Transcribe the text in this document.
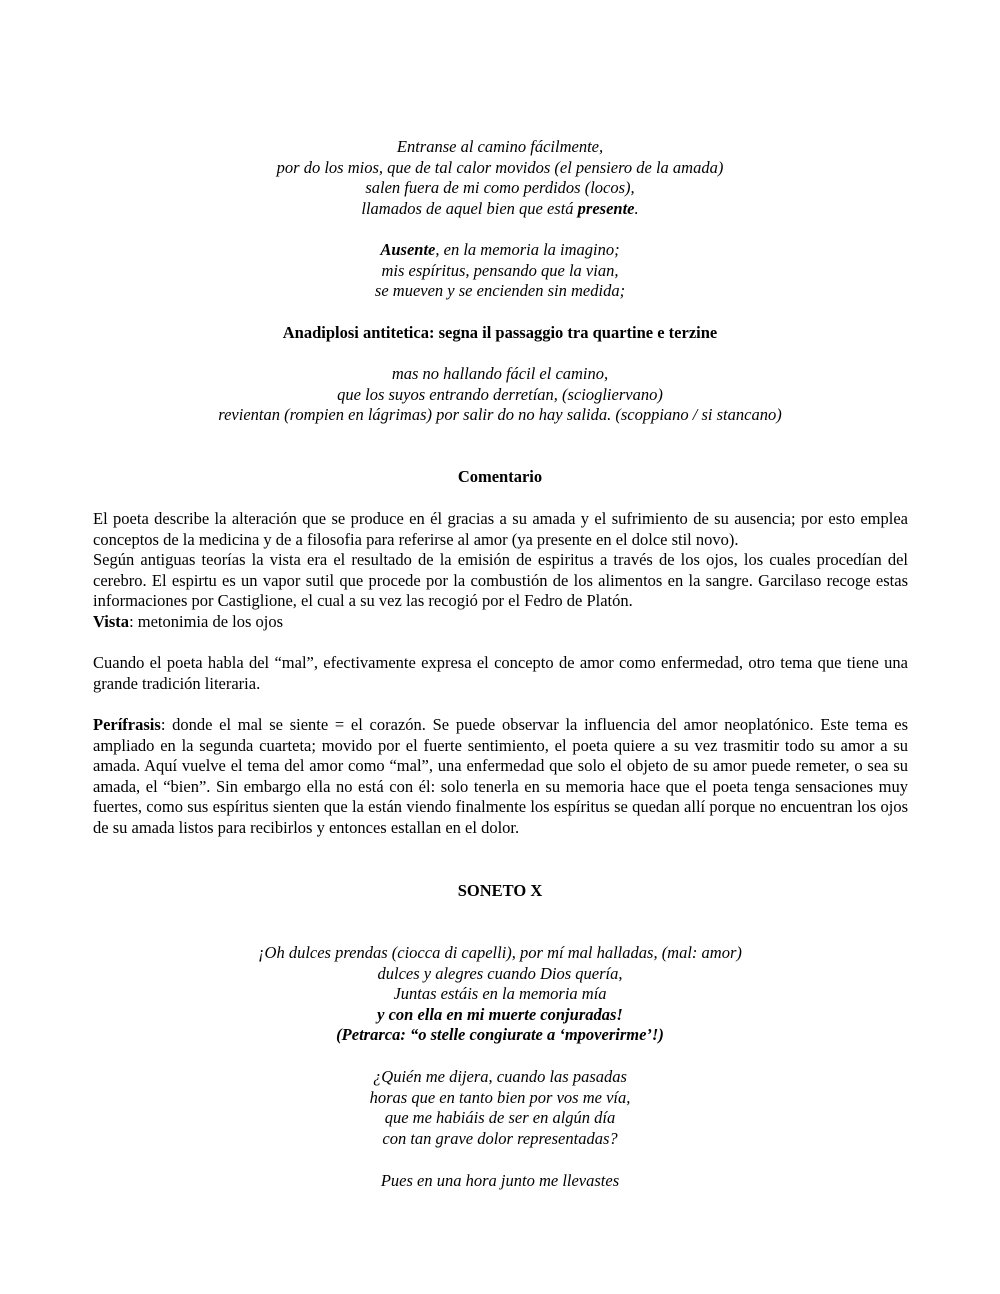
Entranse al camino fácilmente,
por do los mios, que de tal calor movidos (el pensiero de la amada)
salen fuera de mi como perdidos (locos),
llamados de aquel bien que está presente.
Ausente, en la memoria la imagino;
mis espíritus, pensando que la vian,
se mueven y se encienden sin medida;
Anadiplosi antitetica: segna il passaggio tra quartine e terzine
mas no hallando fácil el camino,
que los suyos entrando derretían, (sciogliervano)
revientan (rompien en lágrimas) por salir do no hay salida. (scoppiano / si stancano)
Comentario

El poeta describe la alteración que se produce en él gracias a su amada y el sufrimiento de su ausencia; por esto emplea conceptos de la medicina y de a filosofia para referirse al amor (ya presente en el dolce stil novo).

Según antiguas teorías la vista era el resultado de la emisión de espiritus a través de los ojos, los cuales procedían del cerebro. El espirtu es un vapor sutil que procede por la combustión de los alimentos en la sangre. Garcilaso recoge estas informaciones por Castiglione, el cual a su vez las recogió por el Fedro de Platón.

Vista: metonimia de los ojos

Cuando el poeta habla del “mal”, efectivamente expresa el concepto de amor como enfermedad, otro tema que tiene una grande tradición literaria.

Perífrasis: donde el mal se siente = el corazón. Se puede observar la influencia del amor neoplatónico. Este tema es ampliado en la segunda cuarteta; movido por el fuerte sentimiento, el poeta quiere a su vez trasmitir todo su amor a su amada. Aquí vuelve el tema del amor como “mal”, una enfermedad que solo el objeto de su amor puede remeter, o sea su amada, el “bien”. Sin embargo ella no está con él: solo tenerla en su memoria hace que el poeta tenga sensaciones muy fuertes, como sus espíritus sienten que la están viendo finalmente los espíritus se quedan allí porque no encuentran los ojos de su amada listos para recibirlos y entonces estallan en el dolor.

SONETO X
¡Oh dulces prendas (ciocca di capelli), por mí mal halladas, (mal: amor)
dulces y alegres cuando Dios quería,
Juntas estáis en la memoria mía
y con ella en mi muerte conjuradas!
(Petrarca: “o stelle congiurate a ‘mpoverirme’!)
¿Quién me dijera, cuando las pasadas
horas que en tanto bien por vos me vía,
que me habiáis de ser en algún día
con tan grave dolor representadas?
Pues en una hora junto me llevastes
